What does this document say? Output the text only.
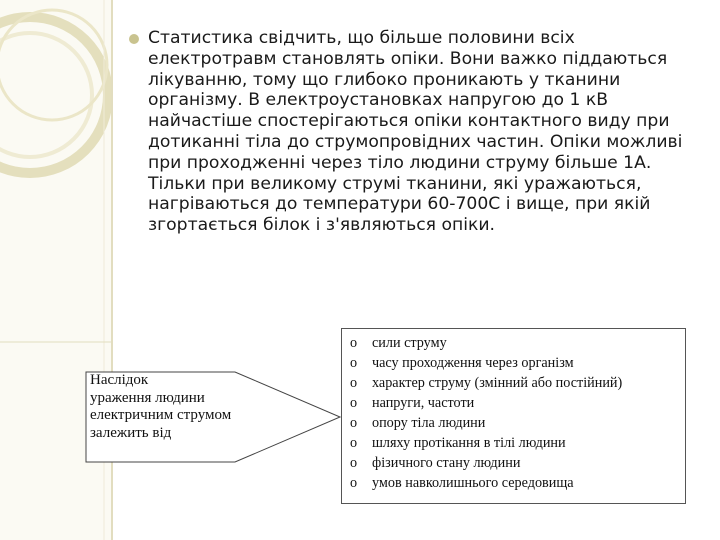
Статистика свідчить, що більше половини всіх електротравм становлять опіки. Вони важко піддаються лікуванню, тому що глибоко проникають у тканини організму. В електроустановках напругою до 1 кВ найчастіше спостерігаються опіки контактного виду при дотиканні тіла до струмопровідних частин. Опіки можливі при проходженні через тіло людини струму більше 1А. Тільки при великому струмі тканини, які уражаються, нагріваються до температури 60-700С і вище, при якій згортається білок і з'являються опіки.
Наслідок
ураження людини
електричним струмом
залежить від
o сили струму
o часу проходження через організм
o характер струму (змінний або постійний)
o напруги, частоти
o опору тіла людини
o шляху протікання в тілі людини
o фізичного стану людини
o умов навколишнього середовища
